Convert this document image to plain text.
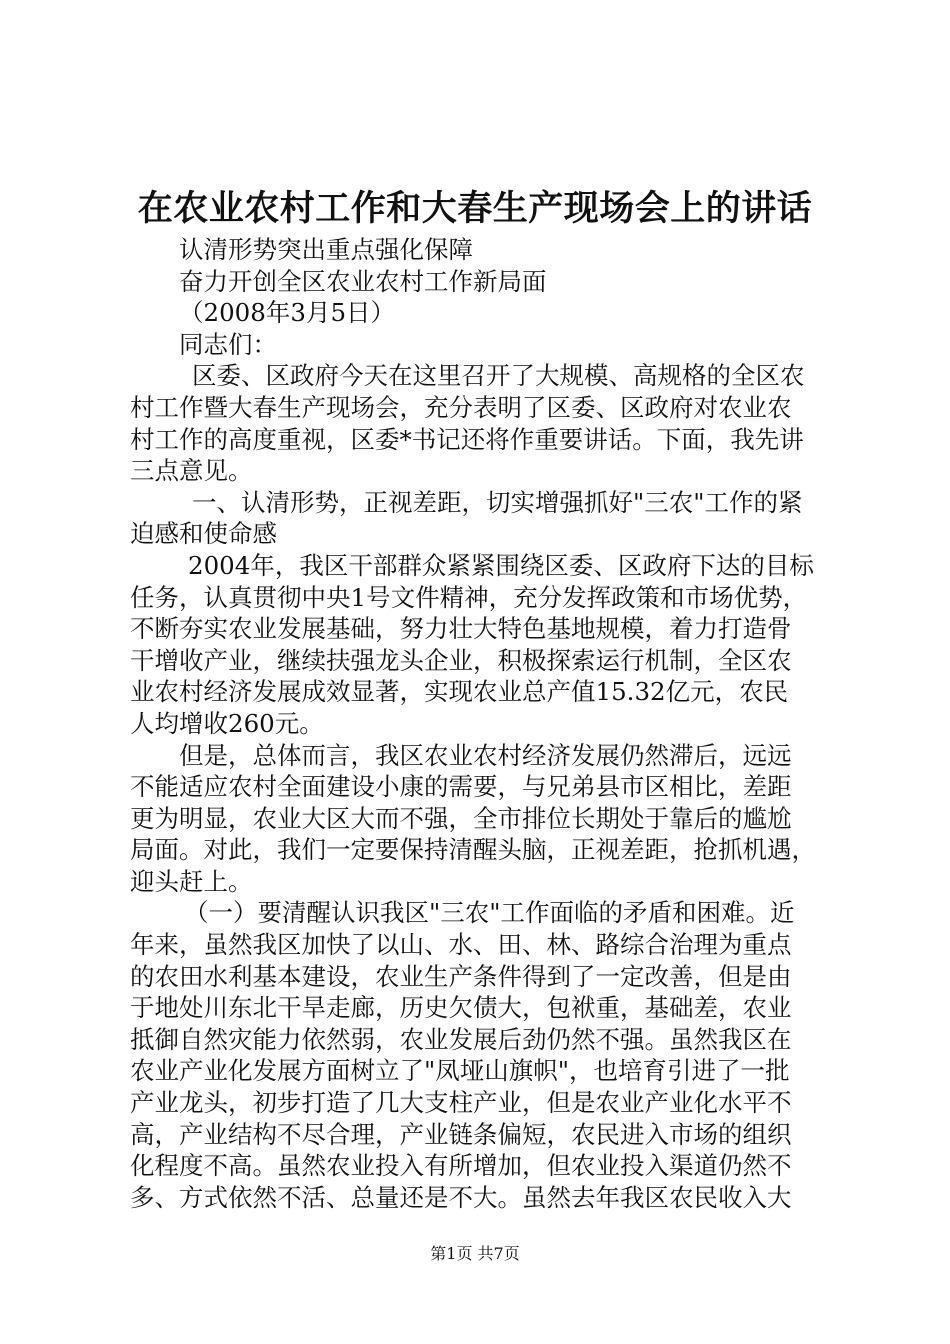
在农业农村工作和大春生产现场会上的讲话
认清形势突出重点强化保障
奋力开创全区农业农村工作新局面
（2008年3月5日）
同志们：
区委、区政府今天在这里召开了大规模、高规格的全区农
村工作暨大春生产现场会，充分表明了区委、区政府对农业农
村工作的高度重视，区委*书记还将作重要讲话。下面，我先讲
三点意见。
一、认清形势，正视差距，切实增强抓好"三农"工作的紧
迫感和使命感
2004年，我区干部群众紧紧围绕区委、区政府下达的目标
任务，认真贯彻中央1号文件精神，充分发挥政策和市场优势，
不断夯实农业发展基础，努力壮大特色基地规模，着力打造骨
干增收产业，继续扶强龙头企业，积极探索运行机制，全区农
业农村经济发展成效显著，实现农业总产值15.32亿元，农民
人均增收260元。
但是，总体而言，我区农业农村经济发展仍然滞后，远远
不能适应农村全面建设小康的需要，与兄弟县市区相比，差距
更为明显，农业大区大而不强，全市排位长期处于靠后的尴尬
局面。对此，我们一定要保持清醒头脑，正视差距，抢抓机遇，
迎头赶上。
（一）要清醒认识我区"三农"工作面临的矛盾和困难。近
年来，虽然我区加快了以山、水、田、林、路综合治理为重点
的农田水利基本建设，农业生产条件得到了一定改善，但是由
于地处川东北干旱走廊，历史欠债大，包袱重，基础差，农业
抵御自然灾能力依然弱，农业发展后劲仍然不强。虽然我区在
农业产业化发展方面树立了"凤垭山旗帜"，也培育引进了一批
产业龙头，初步打造了几大支柱产业，但是农业产业化水平不
高，产业结构不尽合理，产业链条偏短，农民进入市场的组织
化程度不高。虽然农业投入有所增加，但农业投入渠道仍然不
多、方式依然不活、总量还是不大。虽然去年我区农民收入大
第1页 共7页
